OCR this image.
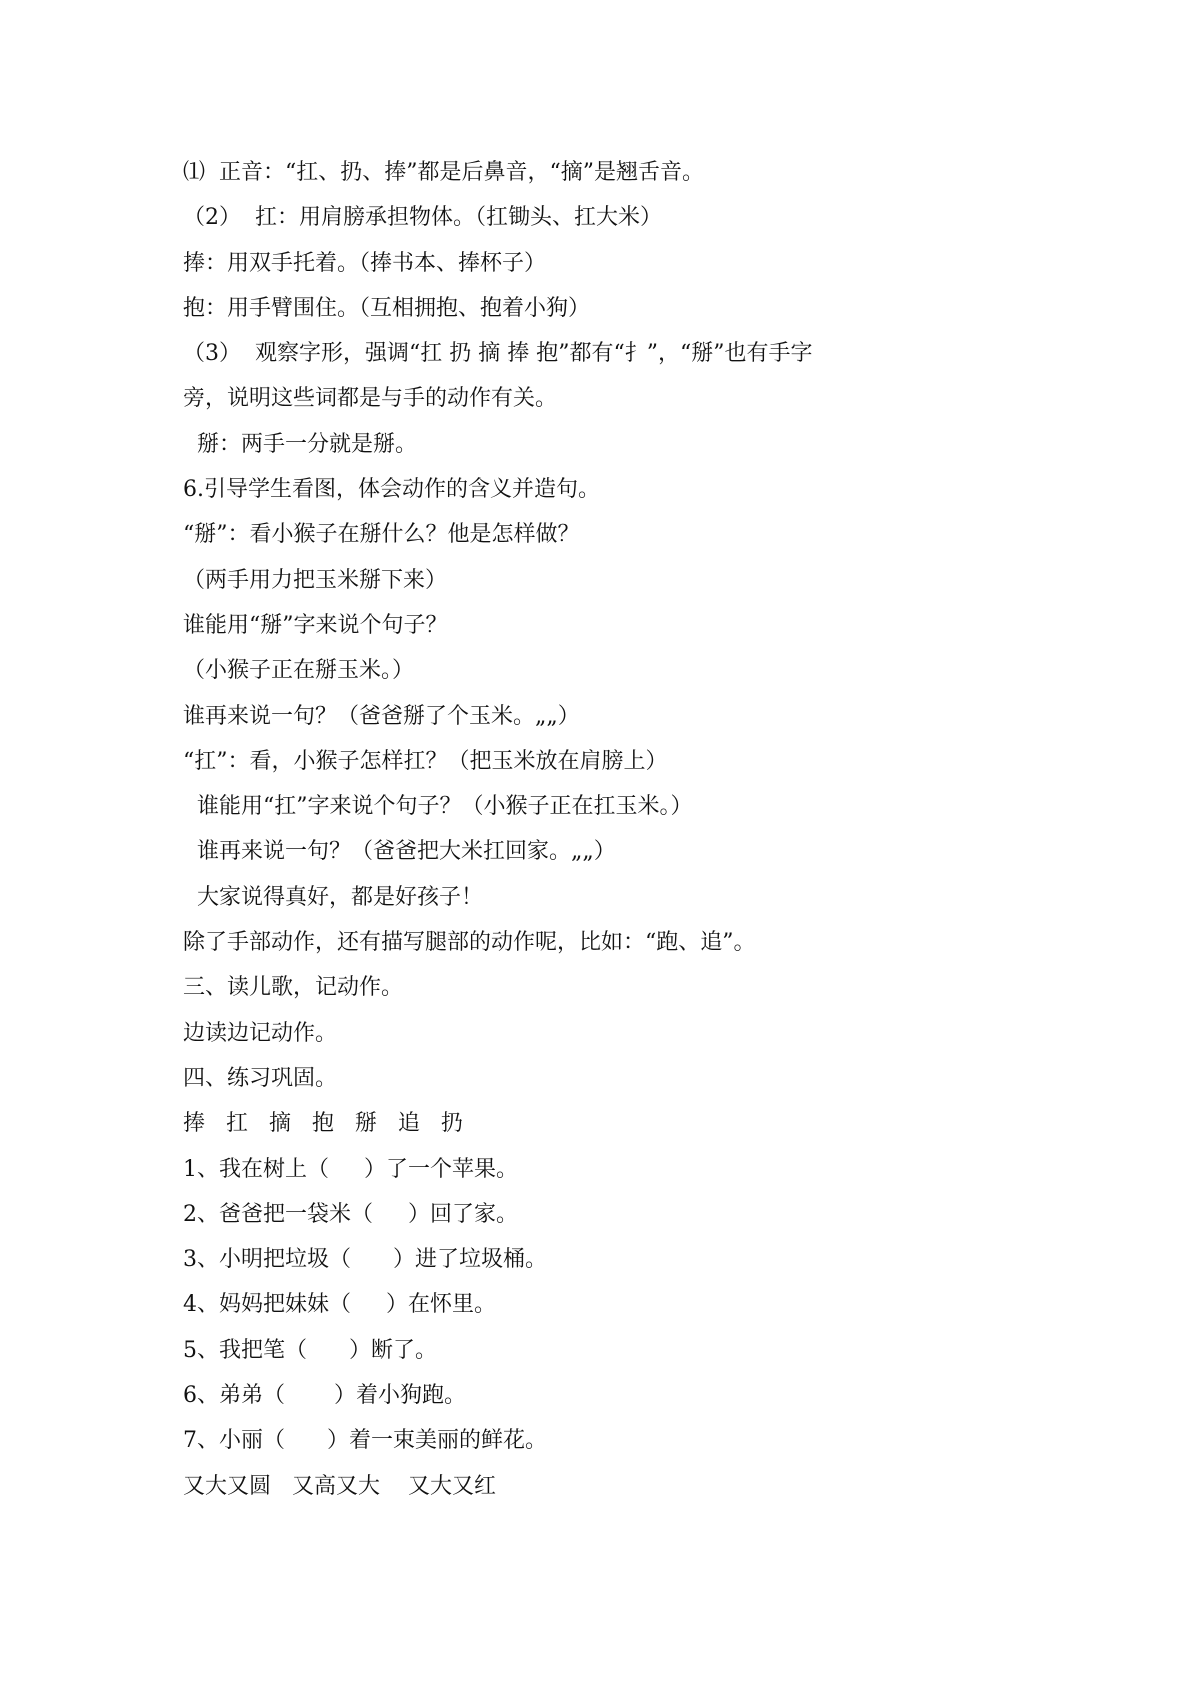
⑴  正音：“扛、扔、捧”都是后鼻音，“摘”是翘舌音。
（2）  扛：用肩膀承担物体。（扛锄头、扛大米）
捧：用双手托着。（捧书本、捧杯子）
抱：用手臂围住。（互相拥抱、抱着小狗）
（3）  观察字形，强调“扛 扔 摘 捧 抱”都有“扌”，“掰”也有手字
旁，说明这些词都是与手的动作有关。
掰：两手一分就是掰。
6.引导学生看图，体会动作的含义并造句。
“掰”：看小猴子在掰什么？他是怎样做？
（两手用力把玉米掰下来）
谁能用“掰”字来说个句子？
（小猴子正在掰玉米。）
谁再来说一句？（爸爸掰了个玉米。„„）
“扛”：看，小猴子怎样扛？（把玉米放在肩膀上）
谁能用“扛”字来说个句子？（小猴子正在扛玉米。）
谁再来说一句？（爸爸把大米扛回家。„„）
大家说得真好，都是好孩子！
除了手部动作，还有描写腿部的动作呢，比如：“跑、追”。
三、读儿歌，记动作。
边读边记动作。
四、练习巩固。
捧   扛   摘   抱   掰   追   扔
1、我在树上（     ）了一个苹果。
2、爸爸把一袋米（     ）回了家。
3、小明把垃圾（      ）进了垃圾桶。
4、妈妈把妹妹（     ）在怀里。
5、我把笔（      ）断了。
6、弟弟（       ）着小狗跑。
7、小丽（      ）着一束美丽的鲜花。
又大又圆   又高又大    又大又红
